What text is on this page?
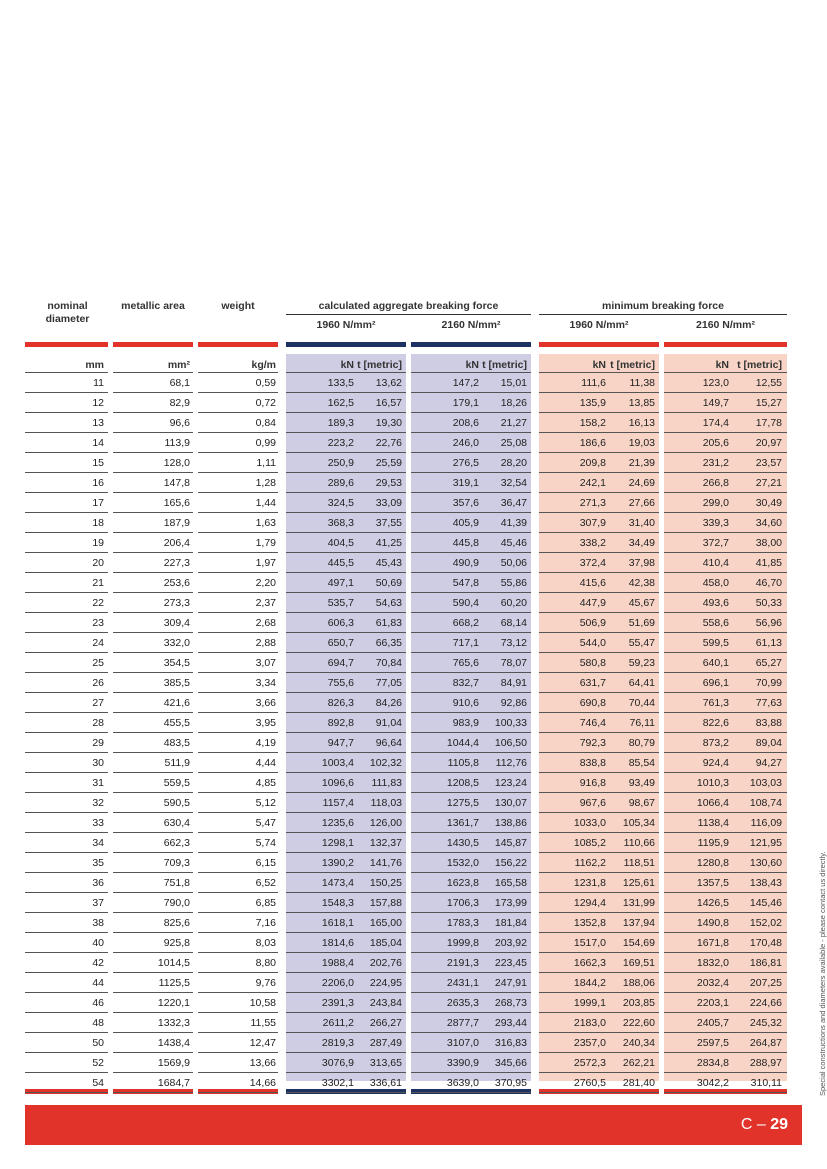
nominal diameter
metallic area	weight	calculated aggregate breaking force	minimum breaking force
1960 N/mm²	2160 N/mm²	1960 N/mm²	2160 N/mm²
mm	mm²	kg/m	kN t [metric]	kN t [metric]	kN t [metric]	kN t [metric]
11	68,1	0,59	133,5	13,62	147,2	15,01	111,6	11,38	123,0	12,55
12	82,9	0,72	162,5	16,57	179,1	18,26	135,9	13,85	149,7	15,27
13	96,6	0,84	189,3	19,30	208,6	21,27	158,2	16,13	174,4	17,78
14	113,9	0,99	223,2	22,76	246,0	25,08	186,6	19,03	205,6	20,97
15	128,0	1,11	250,9	25,59	276,5	28,20	209,8	21,39	231,2	23,57
16	147,8	1,28	289,6	29,53	319,1	32,54	242,1	24,69	266,8	27,21
17	165,6	1,44	324,5	33,09	357,6	36,47	271,3	27,66	299,0	30,49
18	187,9	1,63	368,3	37,55	405,9	41,39	307,9	31,40	339,3	34,60
19	206,4	1,79	404,5	41,25	445,8	45,46	338,2	34,49	372,7	38,00
20	227,3	1,97	445,5	45,43	490,9	50,06	372,4	37,98	410,4	41,85
21	253,6	2,20	497,1	50,69	547,8	55,86	415,6	42,38	458,0	46,70
22	273,3	2,37	535,7	54,63	590,4	60,20	447,9	45,67	493,6	50,33
23	309,4	2,68	606,3	61,83	668,2	68,14	506,9	51,69	558,6	56,96
24	332,0	2,88	650,7	66,35	717,1	73,12	544,0	55,47	599,5	61,13
25	354,5	3,07	694,7	70,84	765,6	78,07	580,8	59,23	640,1	65,27
26	385,5	3,34	755,6	77,05	832,7	84,91	631,7	64,41	696,1	70,99
27	421,6	3,66	826,3	84,26	910,6	92,86	690,8	70,44	761,3	77,63
28	455,5	3,95	892,8	91,04	983,9	100,33	746,4	76,11	822,6	83,88
29	483,5	4,19	947,7	96,64	1044,4	106,50	792,3	80,79	873,2	89,04
30	511,9	4,44	1003,4	102,32	1105,8	112,76	838,8	85,54	924,4	94,27
31	559,5	4,85	1096,6	111,83	1208,5	123,24	916,8	93,49	1010,3	103,03
32	590,5	5,12	1157,4	118,03	1275,5	130,07	967,6	98,67	1066,4	108,74
33	630,4	5,47	1235,6	126,00	1361,7	138,86	1033,0	105,34	1138,4	116,09
34	662,3	5,74	1298,1	132,37	1430,5	145,87	1085,2	110,66	1195,9	121,95
35	709,3	6,15	1390,2	141,76	1532,0	156,22	1162,2	118,51	1280,8	130,60
36	751,8	6,52	1473,4	150,25	1623,8	165,58	1231,8	125,61	1357,5	138,43
37	790,0	6,85	1548,3	157,88	1706,3	173,99	1294,4	131,99	1426,5	145,46
38	825,6	7,16	1618,1	165,00	1783,3	181,84	1352,8	137,94	1490,8	152,02
40	925,8	8,03	1814,6	185,04	1999,8	203,92	1517,0	154,69	1671,8	170,48
42	1014,5	8,80	1988,4	202,76	2191,3	223,45	1662,3	169,51	1832,0	186,81
44	1125,5	9,76	2206,0	224,95	2431,1	247,91	1844,2	188,06	2032,4	207,25
46	1220,1	10,58	2391,3	243,84	2635,3	268,73	1999,1	203,85	2203,1	224,66
48	1332,3	11,55	2611,2	266,27	2877,7	293,44	2183,0	222,60	2405,7	245,32
50	1438,4	12,47	2819,3	287,49	3107,0	316,83	2357,0	240,34	2597,5	264,87
52	1569,9	13,66	3076,9	313,65	3390,9	345,66	2572,3	262,21	2834,8	288,97
54	1684,7	14,66	3302,1	336,61	3639,0	370,95	2760,5	281,40	3042,2	310,11	Special constructions and diameters available - please contact us directly.
C – 29
